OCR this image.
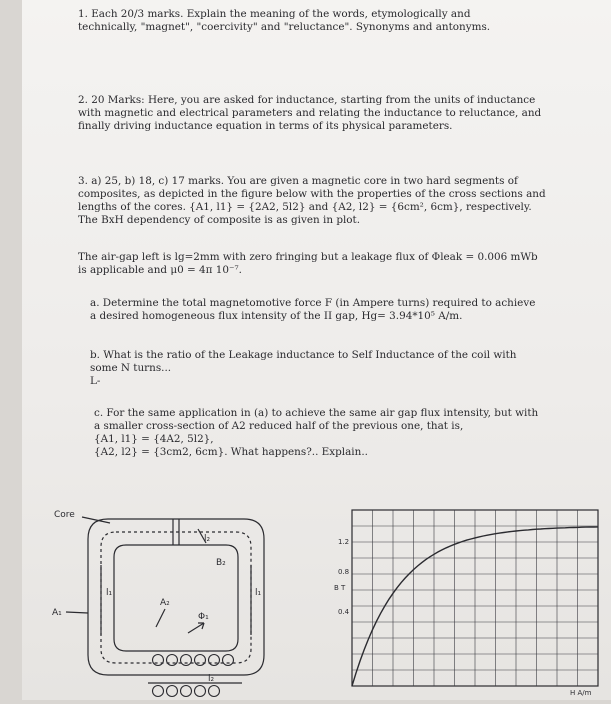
1. Each 20/3 marks. Explain the meaning of the words, etymologically and

technically, "magnet", "coercivity" and "reluctance". Synonyms and antonyms.

2. 20 Marks: Here, you are asked for inductance, starting from the units of inductance

with magnetic and electrical parameters and relating the inductance to reluctance, and

finally driving inductance equation in terms of its physical parameters.

3. a) 25, b) 18, c) 17 marks. You are given a magnetic core in two hard segments of

composites, as depicted in the figure below with the properties of the cross sections and

lengths of the cores. {A1, l1} = {2A2, 5l2} and {A2, l2} = {6cm², 6cm}, respectively.

The BxH dependency of composite is as given in plot.

The air-gap left is lg=2mm with zero fringing but a leakage flux of Φleak = 0.006 mWb

is applicable and μ0 = 4π 10⁻⁷.

a. Determine the total magnetomotive force F (in Ampere turns) required to achieve

a desired homogeneous flux intensity of the II gap, Hg= 3.94*10⁵ A/m.

b. What is the ratio of the Leakage inductance to Self Inductance of the coil with

some N turns...

L-

c. For the same application in (a) to achieve the same air gap flux intensity, but with

a smaller cross-section of A2 reduced half of the previous one, that is,

{A1, l1} = {4A2, 5l2},

{A2, l2} = {3cm2, 6cm}. What happens?.. Explain..

Core
l₂
B₂
l₁	l₁
A₂
A₁	Φ₁
l₂
1.2
0.8
0.4
B T
H A/m
